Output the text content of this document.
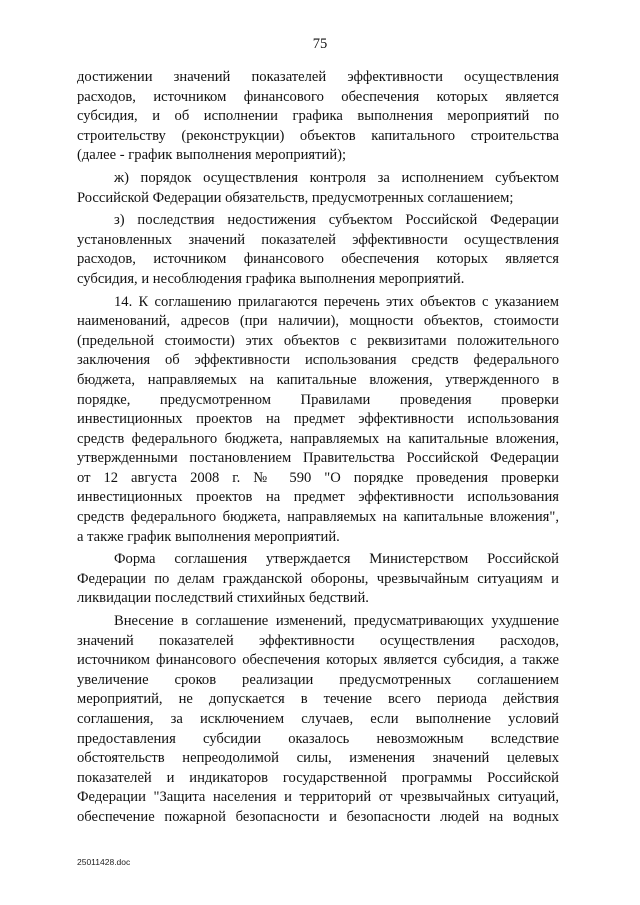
75
достижении значений показателей эффективности осуществления
расходов, источником финансового обеспечения которых является
субсидия, и об исполнении графика выполнения мероприятий по
строительству (реконструкции) объектов капитального строительства
(далее - график выполнения мероприятий);
ж) порядок осуществления контроля за исполнением субъектом
Российской Федерации обязательств, предусмотренных соглашением;
з) последствия недостижения субъектом Российской Федерации
установленных значений показателей эффективности осуществления
расходов, источником финансового обеспечения которых является
субсидия, и несоблюдения графика выполнения мероприятий.
14. К соглашению прилагаются перечень этих объектов с указанием
наименований, адресов (при наличии), мощности объектов, стоимости
(предельной стоимости) этих объектов с реквизитами положительного
заключения об эффективности использования средств федерального
бюджета, направляемых на капитальные вложения, утвержденного в
порядке, предусмотренном Правилами проведения проверки
инвестиционных проектов на предмет эффективности использования
средств федерального бюджета, направляемых на капитальные вложения,
утвержденными постановлением Правительства Российской Федерации
от 12 августа 2008 г. № 590 "О порядке проведения проверки
инвестиционных проектов на предмет эффективности использования
средств федерального бюджета, направляемых на капитальные вложения",
а также график выполнения мероприятий.
Форма соглашения утверждается Министерством Российской
Федерации по делам гражданской обороны, чрезвычайным ситуациям и
ликвидации последствий стихийных бедствий.
Внесение в соглашение изменений, предусматривающих ухудшение
значений показателей эффективности осуществления расходов,
источником финансового обеспечения которых является субсидия, а также
увеличение сроков реализации предусмотренных соглашением
мероприятий, не допускается в течение всего периода действия
соглашения, за исключением случаев, если выполнение условий
предоставления субсидии оказалось невозможным вследствие
обстоятельств непреодолимой силы, изменения значений целевых
показателей и индикаторов государственной программы Российской
Федерации "Защита населения и территорий от чрезвычайных ситуаций,
обеспечение пожарной безопасности и безопасности людей на водных
25011428.doc
